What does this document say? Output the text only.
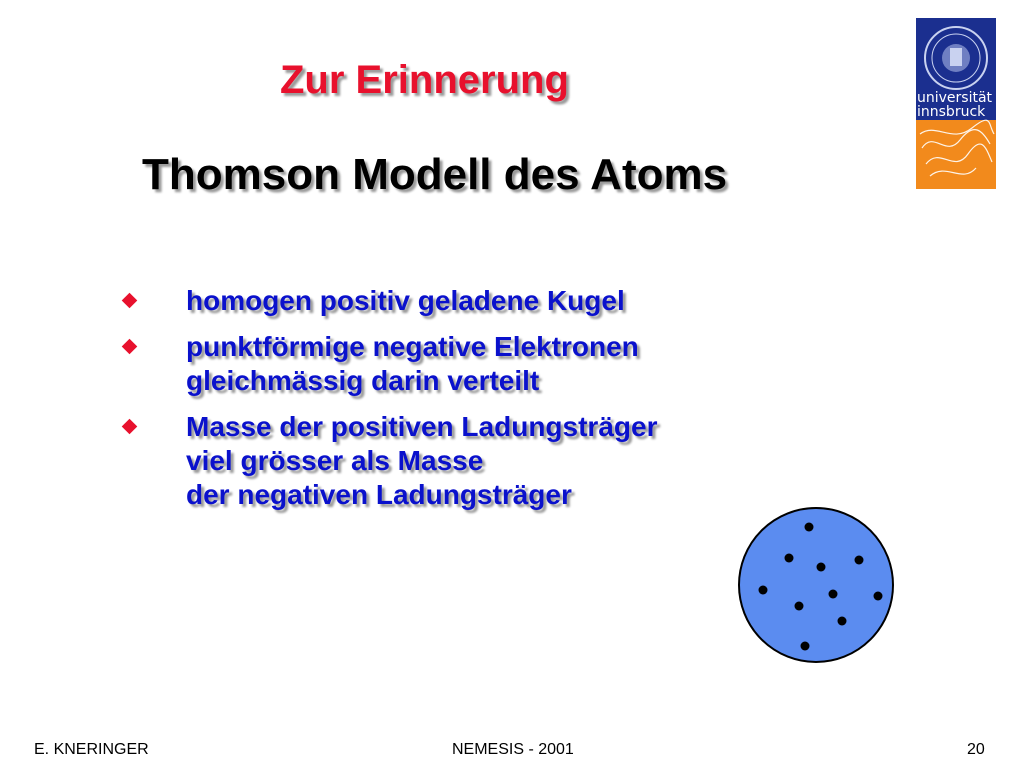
Zur Erinnerung
Thomson Modell des Atoms
homogen positiv geladene Kugel
punktförmige negative Elektronen
gleichmässig darin verteilt
Masse der positiven Ladungsträger
viel grösser als Masse
der negativen Ladungsträger
universität
innsbruck
E. KNERINGER	NEMESIS - 2001	20
